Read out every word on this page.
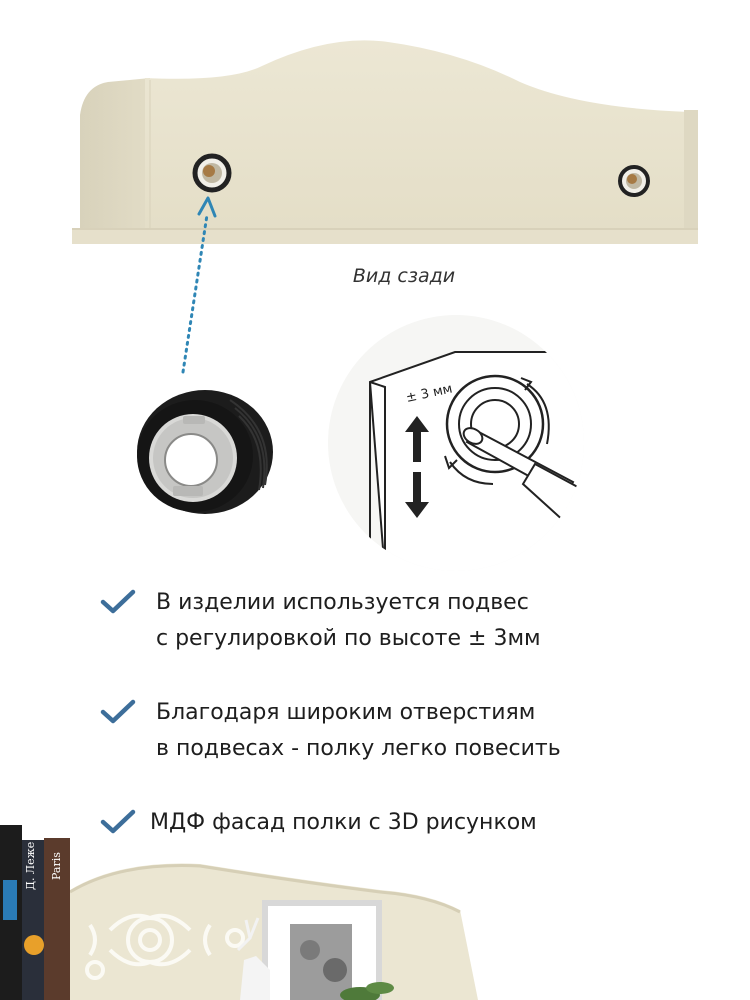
Вид сзади
± 3 мм
В изделии используется подвес
с регулировкой по высоте ± 3мм
Благодаря широким отверстиям
в подвесах - полку легко повесить
МДФ фасад полки с 3D рисунком
Д. Леже Paris
